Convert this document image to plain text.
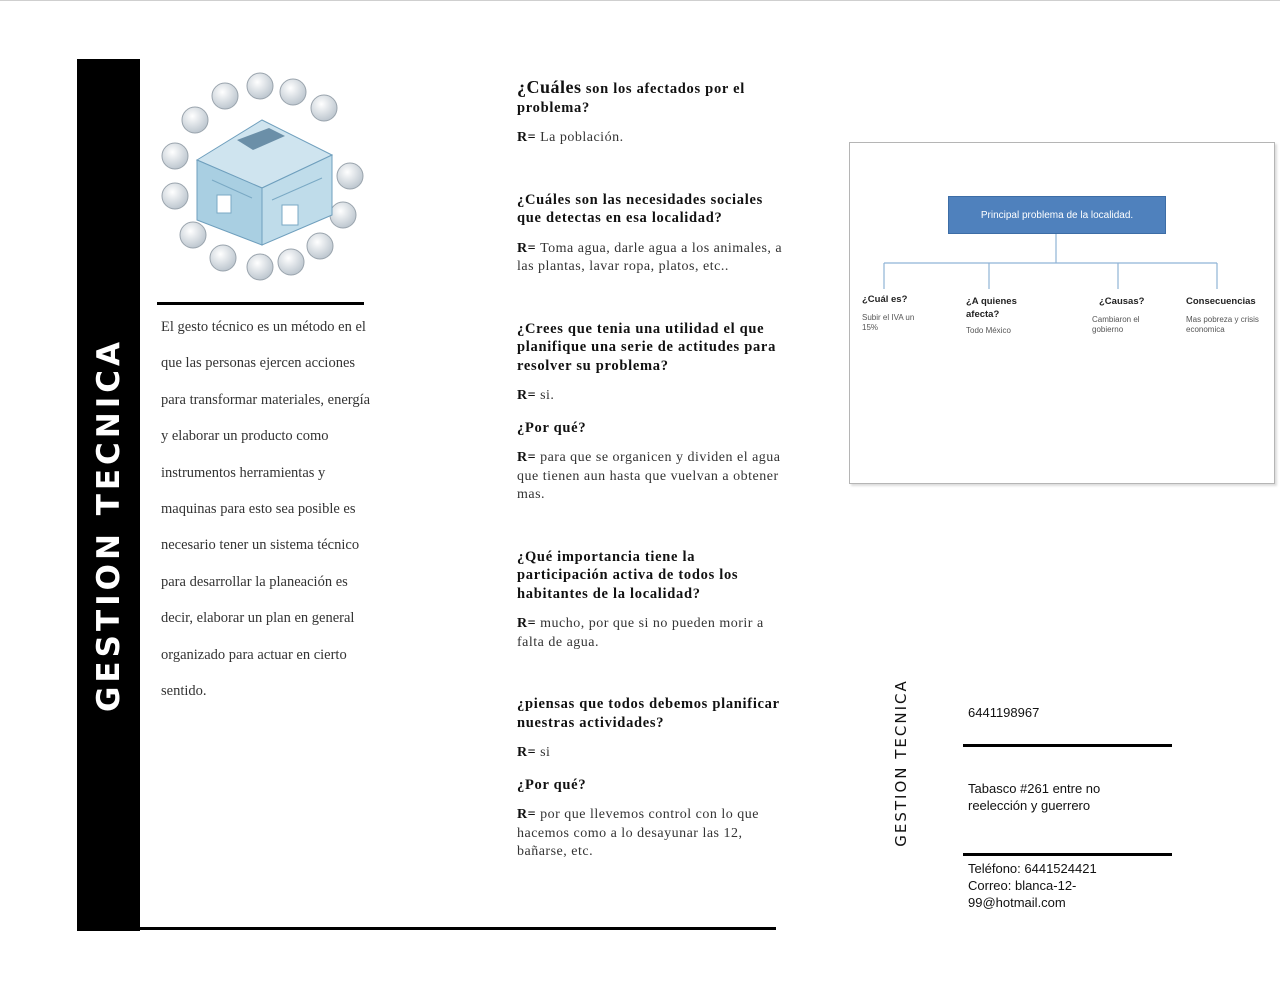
GESTION TECNICA

El gesto técnico es un método en el que las personas ejercen acciones para transformar materiales, energía y elaborar un producto como instrumentos herramientas y maquinas para esto sea posible es necesario tener un sistema técnico para desarrollar la planeación es decir, elaborar un plan en general organizado para actuar en cierto sentido.

¿Cuáles son los afectados por el problema?

R= La población.

¿Cuáles son las necesidades sociales que detectas en esa localidad?

R= Toma agua, darle agua a los animales, a las plantas, lavar ropa, platos, etc..

¿Crees que tenia una utilidad el que planifique una serie de actitudes para resolver su problema?

R= si.

¿Por qué?

R= para que se organicen y dividen el agua que tienen aun hasta que vuelvan a obtener mas.

¿Qué importancia tiene la participación activa de todos los habitantes de la localidad?

R= mucho, por que si no pueden morir a falta de agua.

¿piensas que todos debemos planificar nuestras actividades?

R= si

¿Por qué?

R= por que llevemos control con lo que hacemos como a lo desayunar las 12, bañarse, etc.

Principal problema de la localidad.
¿Cuál es?
Subir el IVA un 15%
¿A quienes afecta?
Todo México
¿Causas?
Cambiaron el gobierno
Consecuencias
Mas pobreza y crisis economica
GESTION TECNICA	6441198967
Tabasco #261 entre no reelección y guerrero
Teléfono: 6441524421
Correo: blanca-12-99@hotmail.com
